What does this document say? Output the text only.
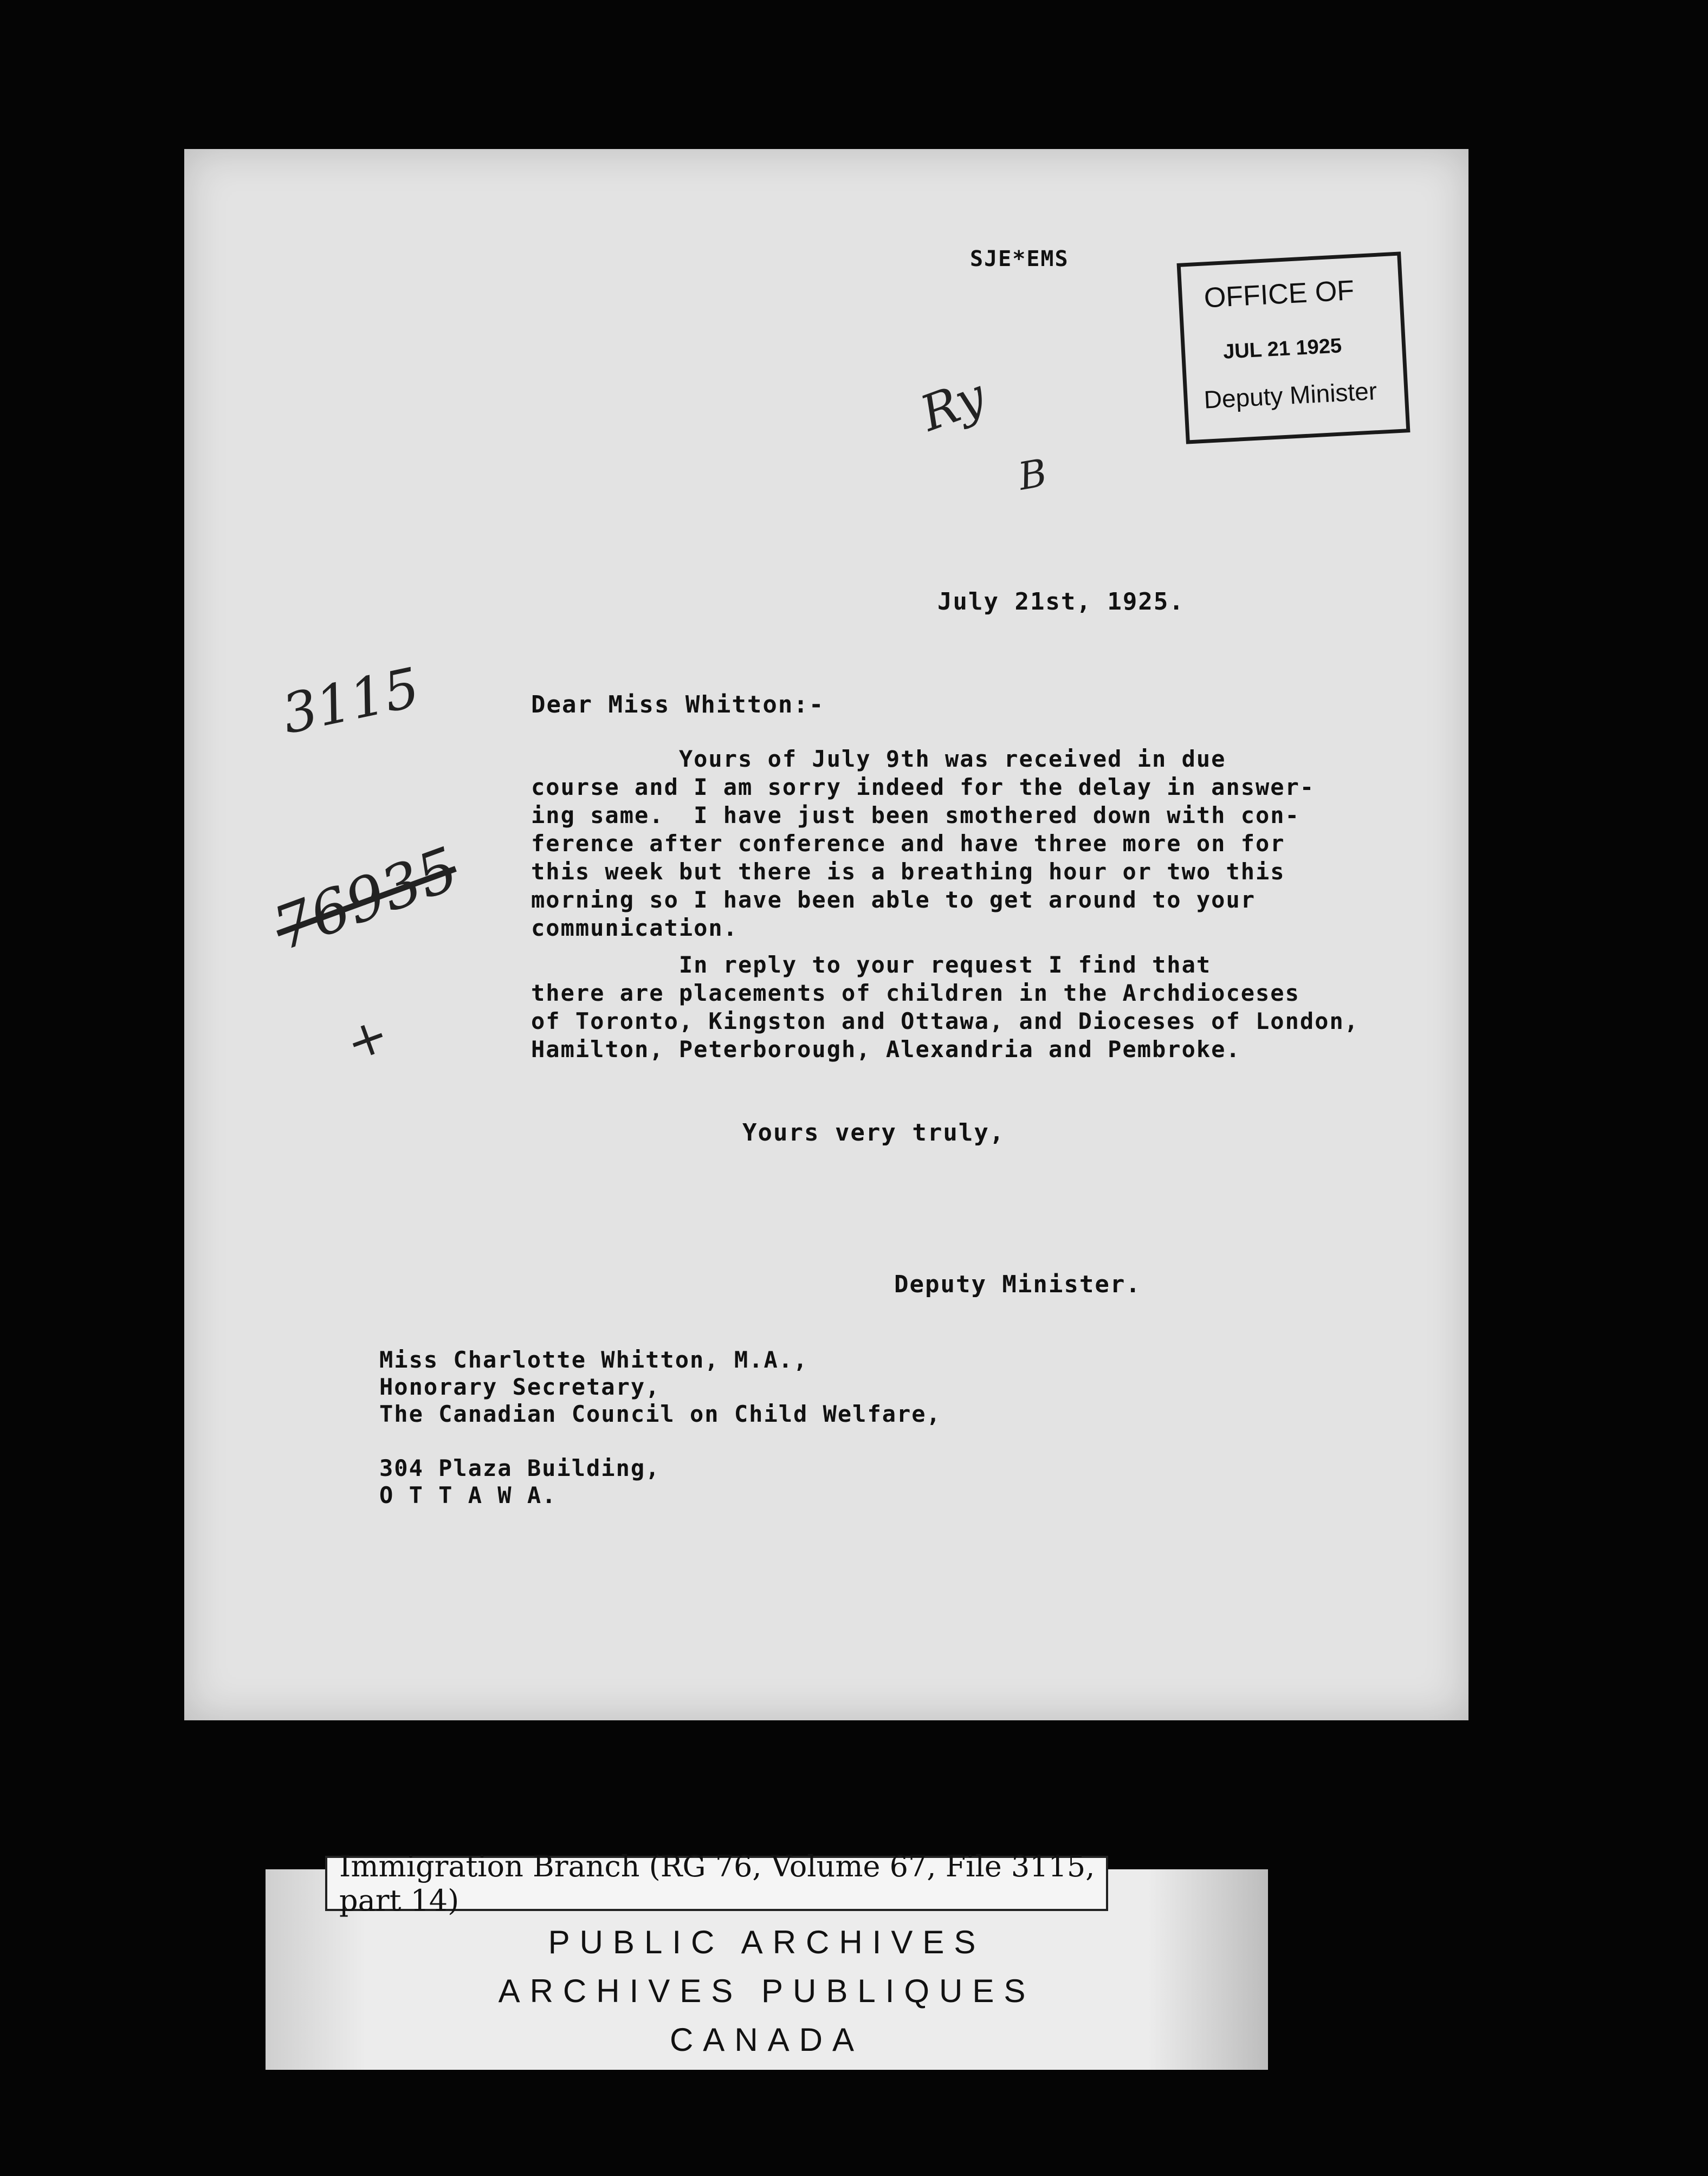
SJE*EMS
OFFICE OF
JUL 21 1925
Deputy Minister
Ry
B
3115
76935
+
July 21st, 1925.
Dear Miss Whitton:-
Yours of July 9th was received in due
course and I am sorry indeed for the delay in answer-
ing same.  I have just been smothered down with con-
ference after conference and have three more on for
this week but there is a breathing hour or two this
morning so I have been able to get around to your
communication.
In reply to your request I find that
there are placements of children in the Archdioceses
of Toronto, Kingston and Ottawa, and Dioceses of London,
Hamilton, Peterborough, Alexandria and Pembroke.
Yours very truly,
Deputy Minister.
Miss Charlotte Whitton, M.A.,
Honorary Secretary,
The Canadian Council on Child Welfare,

304 Plaza Building,
O T T A W A.
PUBLIC ARCHIVES
ARCHIVES PUBLIQUES
CANADA
Immigration Branch (RG 76, Volume 67, File 3115, part 14)
